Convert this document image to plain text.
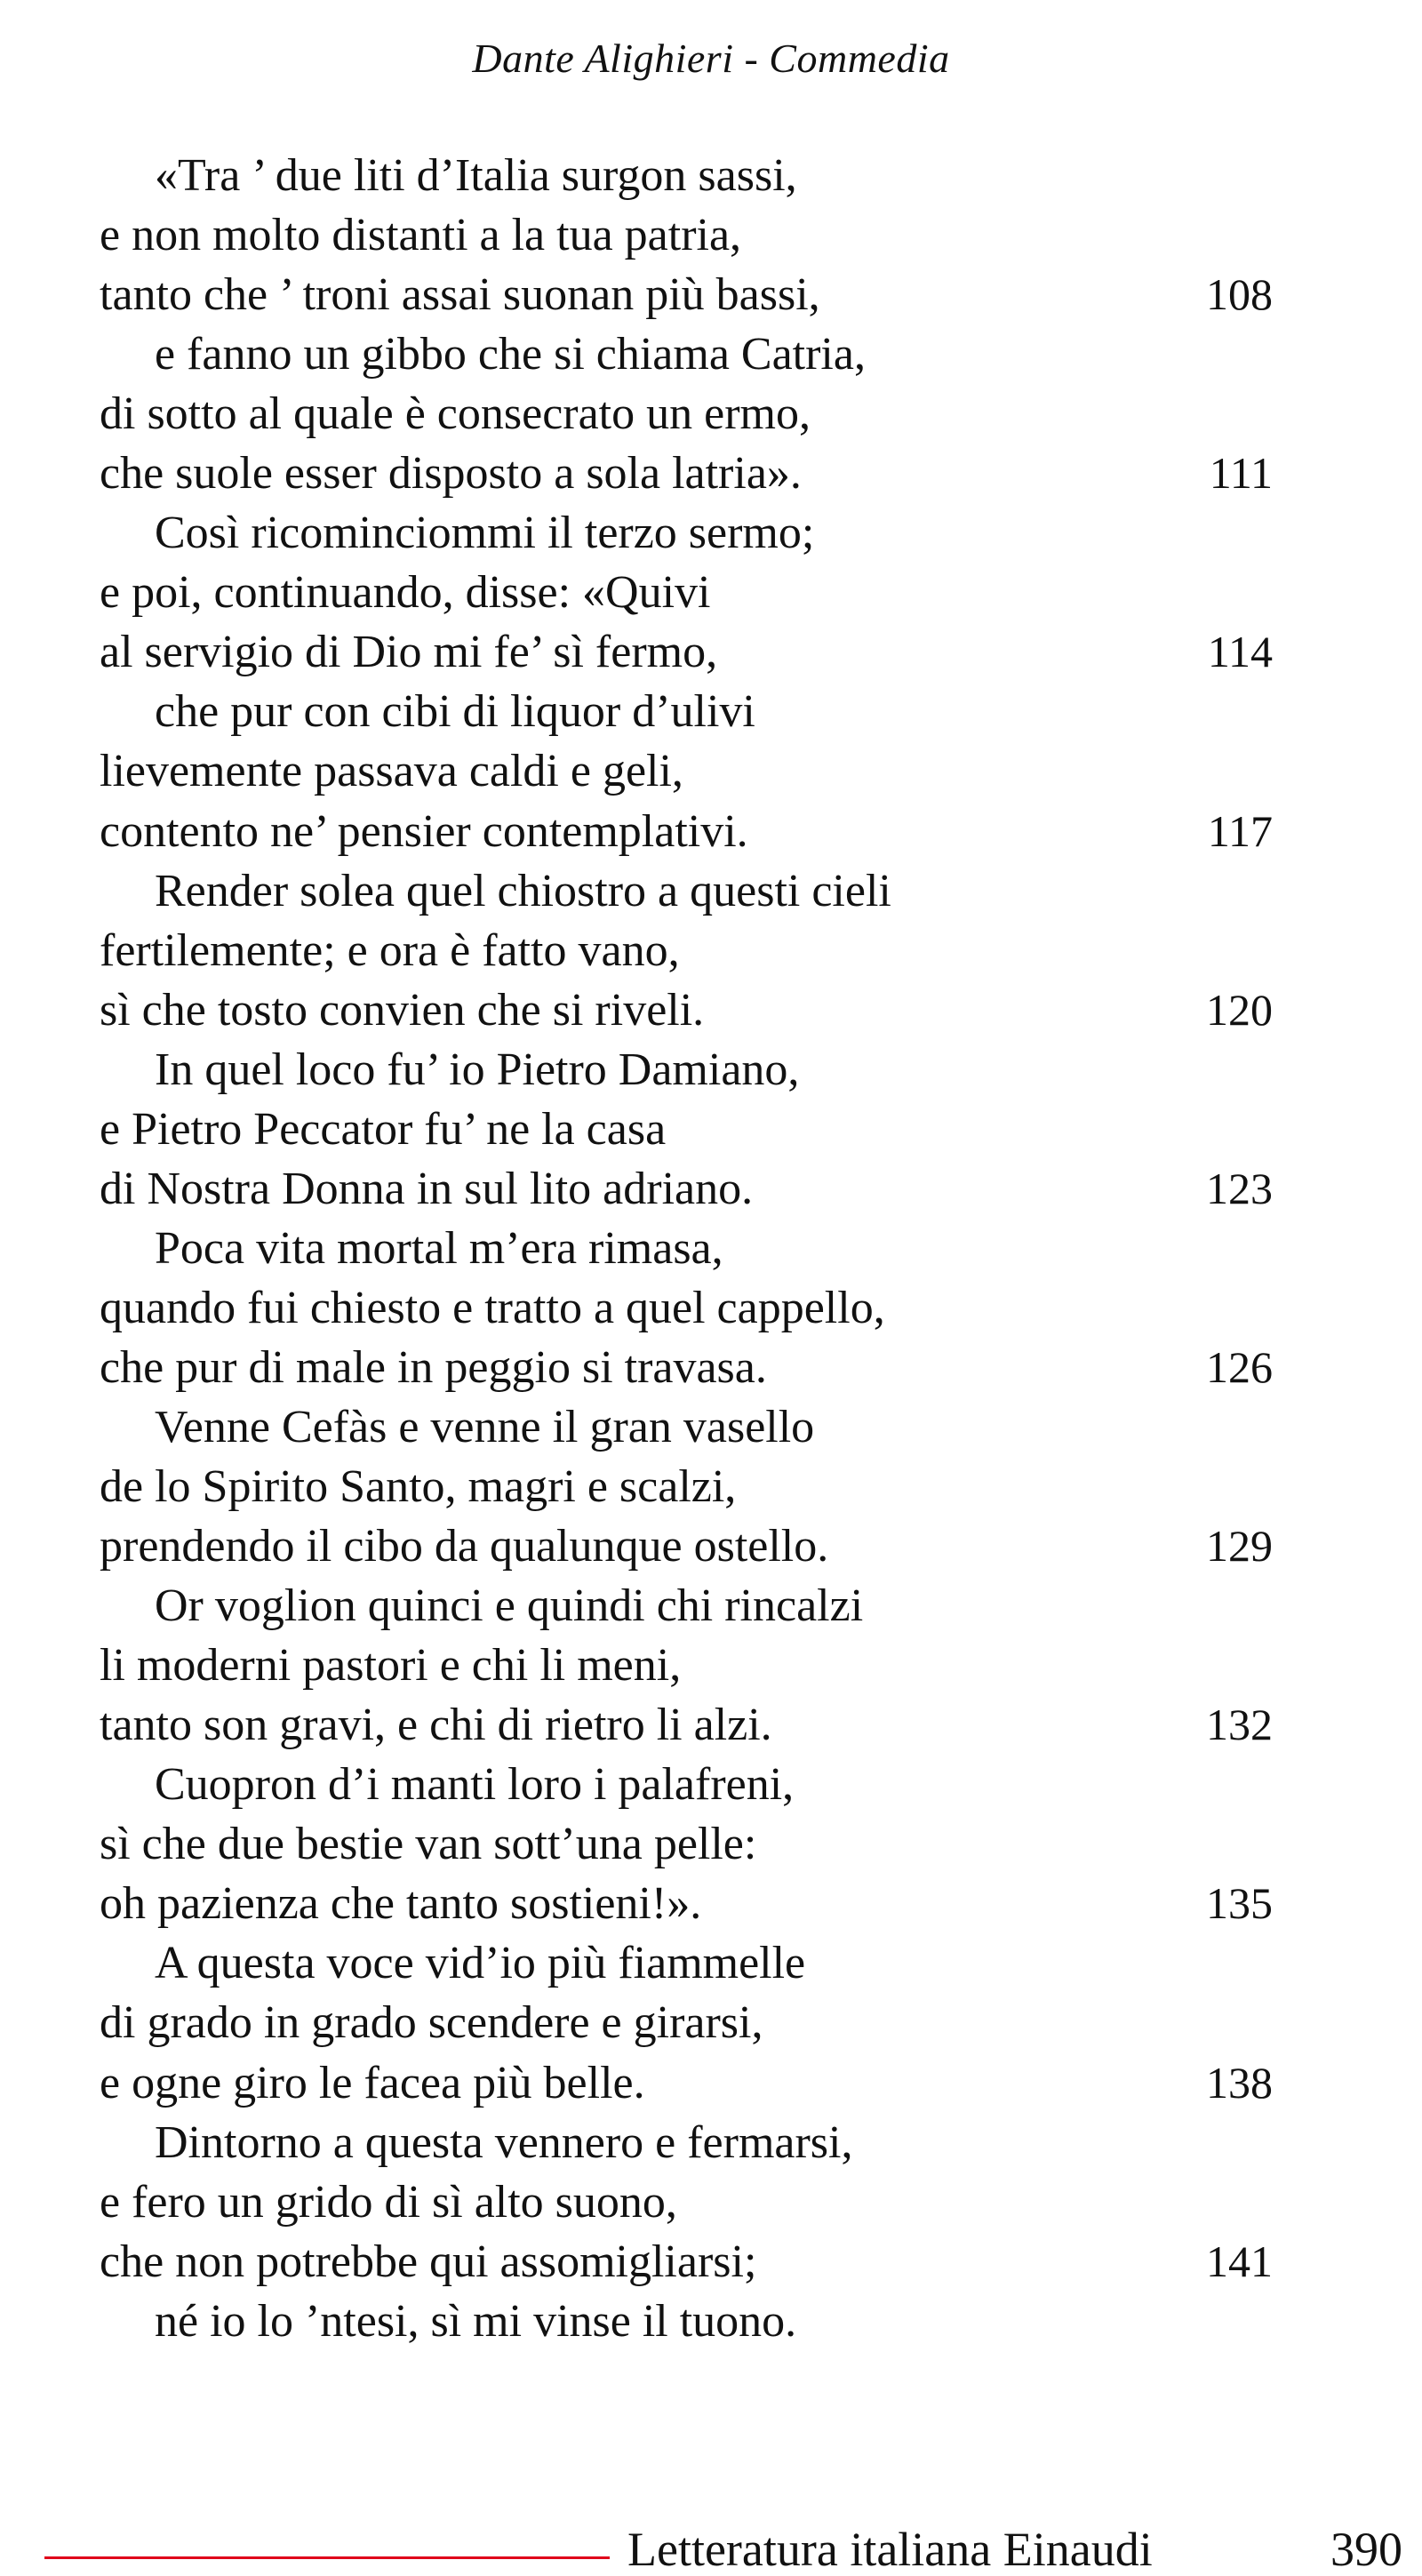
Dante Alighieri - Commedia
«Tra ’ due liti d’Italia surgon sassi,
e non molto distanti a la tua patria,
tanto che ’ troni assai suonan più bassi,	108
e fanno un gibbo che si chiama Catria,
di sotto al quale è consecrato un ermo,
che suole esser disposto a sola latria».	111
Così ricominciommi il terzo sermo;
e poi, continuando, disse: «Quivi
al servigio di Dio mi fe’ sì fermo,	114
che pur con cibi di liquor d’ulivi
lievemente passava caldi e geli,
contento ne’ pensier contemplativi.	117
Render solea quel chiostro a questi cieli
fertilemente; e ora è fatto vano,
sì che tosto convien che si riveli.	120
In quel loco fu’ io Pietro Damiano,
e Pietro Peccator fu’ ne la casa
di Nostra Donna in sul lito adriano.	123
Poca vita mortal m’era rimasa,
quando fui chiesto e tratto a quel cappello,
che pur di male in peggio si travasa.	126
Venne Cefàs e venne il gran vasello
de lo Spirito Santo, magri e scalzi,
prendendo il cibo da qualunque ostello.	129
Or voglion quinci e quindi chi rincalzi
li moderni pastori e chi li meni,
tanto son gravi, e chi di rietro li alzi.	132
Cuopron d’i manti loro i palafreni,
sì che due bestie van sott’una pelle:
oh pazienza che tanto sostieni!».	135
A questa voce vid’io più fiammelle
di grado in grado scendere e girarsi,
e ogne giro le facea più belle.	138
Dintorno a questa vennero e fermarsi,
e fero un grido di sì alto suono,
che non potrebbe qui assomigliarsi;	141
né io lo ’ntesi, sì mi vinse il tuono.
Letteratura italiana Einaudi	390
